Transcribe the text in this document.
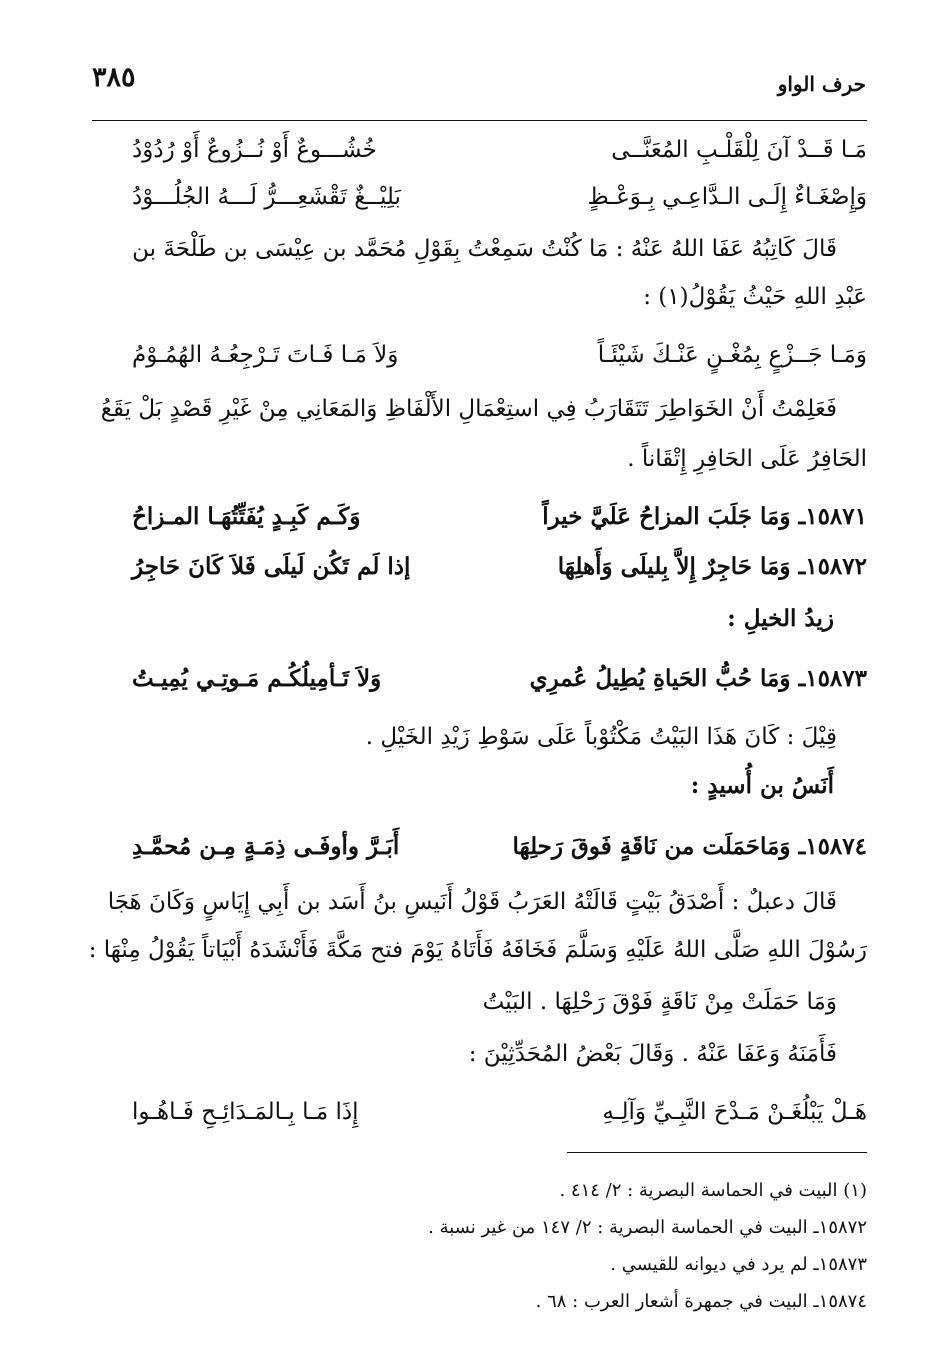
٣٨٥	حرف الواو
مَـا قَــدْ آنَ لِلْقَلْـبِ المُعَنَّــى
خُشُـــوعٌ أَوْ نُــزُوعٌ أَوْ رُدُوْدُ
وَإِصْغَـاءٌ إِلَـى الـدَّاعِـي بِـوَعْـظٍ
بَلِيْــغٌ تَقْشَعِـــرُّ لَـــهُ الجُلُـــوْدُ
قَالَ كَاتِبُهُ عَفَا اللهُ عَنْهُ : مَا كُنْتُ سَمِعْتُ بِقَوْلِ مُحَمَّد بن عِيْسَى بن طَلْحَةَ بن
عَبْدِ اللهِ حَيْثُ يَقُوْلُ(١) :
وَمَـا جَــزْعٍ بِمُغْـنٍ عَنْـكَ شَيْئَـاً
وَلاَ مَـا فَـاتَ تَـرْجِعُـهُ الهُمُـوْمُ
فَعَلِمْتُ أَنْ الخَوَاطِرَ تَتَقَارَبُ فِي استِعْمَالِ الأَلْفَاظِ وَالمَعَانِي مِنْ غَيْرِ قَصْدٍ بَلْ يَقَعُ
الحَافِرُ عَلَى الحَافِرِ إِتْقَاناً .
١٥٨٧١ـ وَمَا جَلَبَ المزاحُ عَلَيَّ خيراً
وَكَـم كَبِـدٍ يُفَتِّتُهَـا المـزاحُ
١٥٨٧٢ـ وَمَا حَاجِرٌ إِلاَّ بِليلَى وَأَهلِهَا
إذا لَم تَكُن لَيلَى فَلاَ كَانَ حَاجِرُ
زيدُ الخيلِ :
١٥٨٧٣ـ وَمَا حُبُّ الحَياةِ يُطِيلُ عُمرِي
وَلاَ تَـأمِيلُكُـم مَـوتِـي يُمِيـتُ
قِيْلَ : كَانَ هَذَا البَيْتُ مَكْتُوْباً عَلَى سَوْطِ زَيْدِ الخَيْلِ .
أَنَسُ بن أُسيدٍ :
١٥٨٧٤ـ وَمَاحَمَلَت من نَاقَةٍ فَوقَ رَحلِهَا
أَبَـرَّ وأوفَـى ذِمَـةٍ مِـن مُحمَّـدِ
قَالَ دعبلٌ : أَصْدَقُ بَيْتٍ قَالَتْهُ العَرَبُ قَوْلُ أَنَيسِ بنُ أَسَد بن أَبِي إِيَاسٍ وَكَانَ هَجَا
رَسُوْلَ اللهِ صَلَّى اللهُ عَلَيْهِ وَسَلَّمَ فَخَافَهُ فَأَتَاهُ يَوْمَ فتح مَكَّةَ فَأَنْشَدَهُ أَبْيَاتاً يَقُوْلُ مِنْهَا :
وَمَا حَمَلَتْ مِنْ نَاقَةٍ فَوْقَ رَحْلِهَا . البَيْتُ
فَأَمَنَهُ وَعَفَا عَنْهُ . وَقَالَ بَعْضُ المُحَدِّثِيْنَ :
هَـلْ يَبْلُغَـنْ مَـدْحَ النَّبِـيِّ وَآلِـهِ
إِذَا مَـا بِـالمَـدَائِـحِ فَـاهُـوا
(١) البيت في الحماسة البصرية : ٢/ ٤١٤ .
١٥٨٧٢ـ البيت في الحماسة البصرية : ٢/ ١٤٧ من غير نسبة .
١٥٨٧٣ـ لم يرد في ديوانه للقيسي .
١٥٨٧٤ـ البيت في جمهرة أشعار العرب : ٦٨ .
